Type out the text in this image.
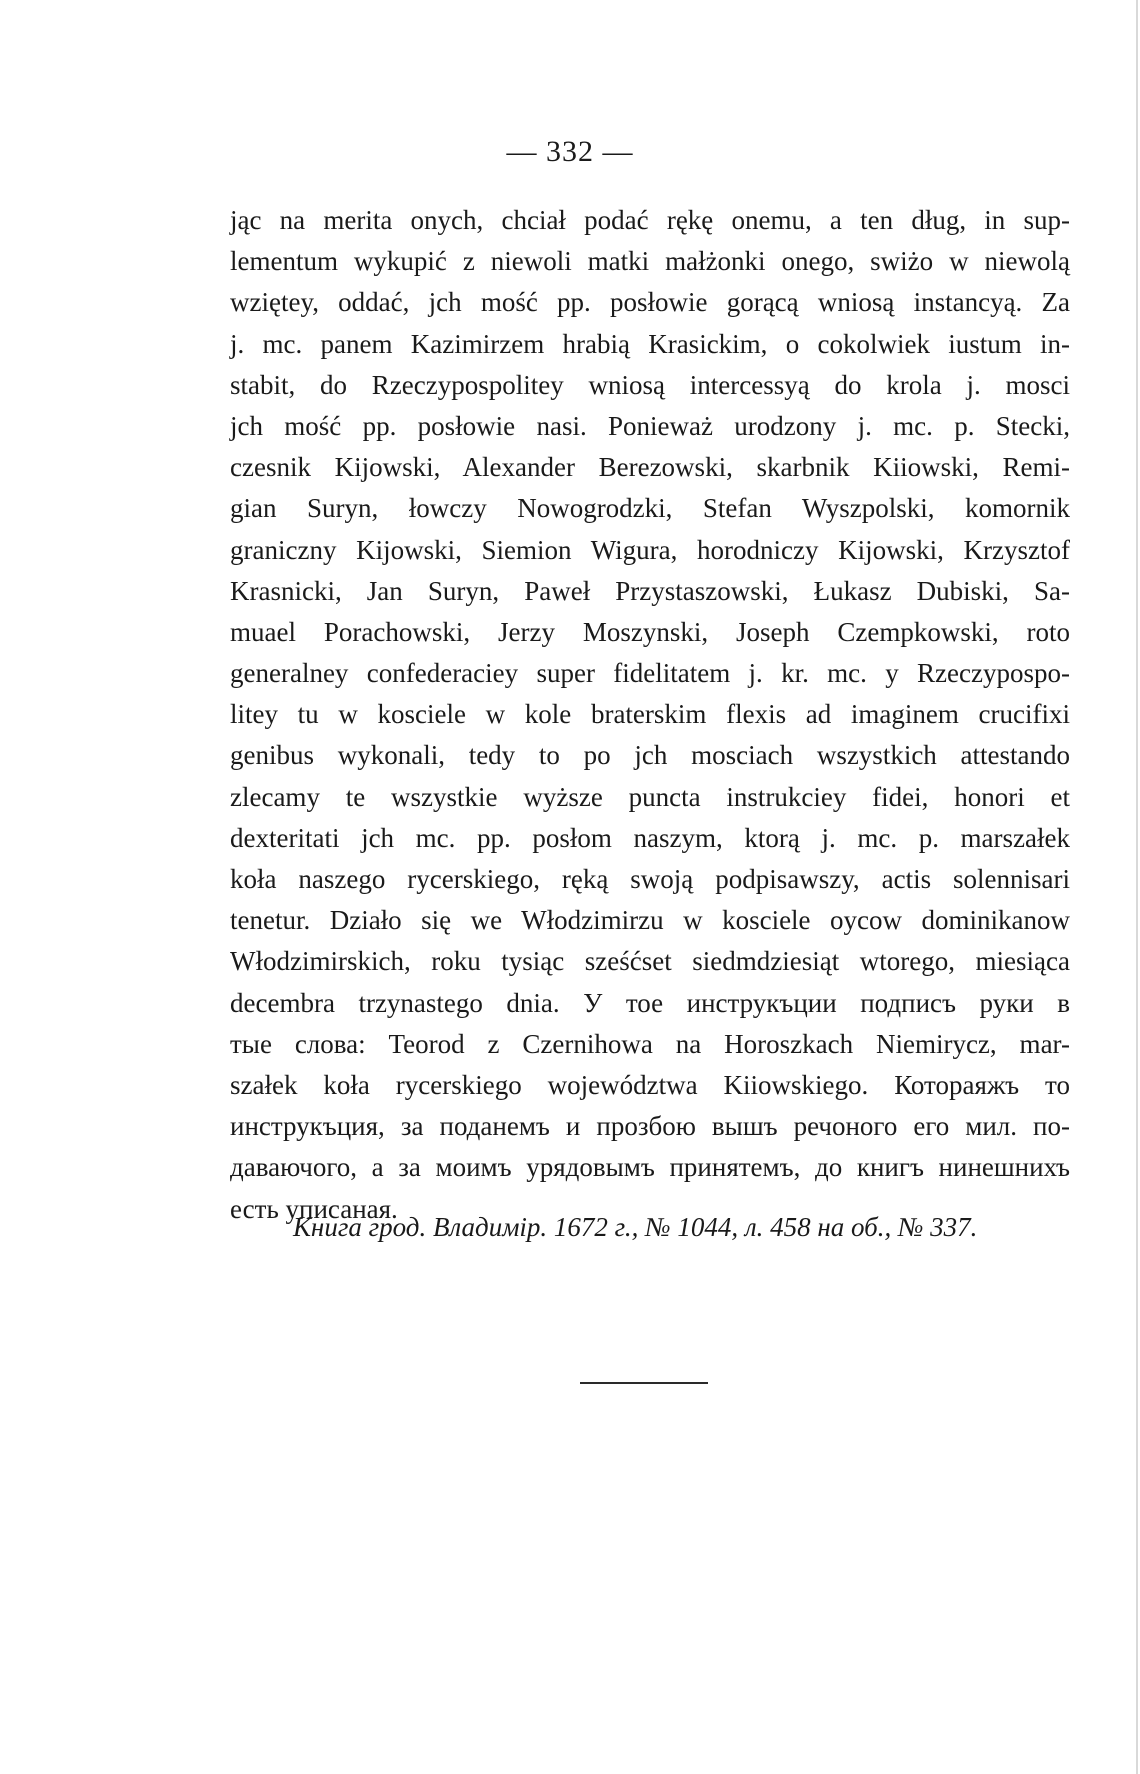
— 332 —
jąc na merita onych, chciał podać rękę onemu, a ten dług, in sup-
lementum wykupić z niewoli matki małżonki onego, swiżo w niewolą
wziętey, oddać, jch mość pp. posłowie gorącą wniosą instancyą. Za
j. mc. panem Kazimirzem hrabią Krasickim, o cokolwiek iustum in-
stabit, do Rzeczypospolitey wniosą intercessyą do krola j. mosci
jch mość pp. posłowie nasi. Ponieważ urodzony j. mc. p. Stecki,
czesnik Kijowski, Alexander Berezowski, skarbnik Kiiowski, Remi-
gian Suryn, łowczy Nowogrodzki, Stefan Wyszpolski, komornik
graniczny Kijowski, Siemion Wigura, horodniczy Kijowski, Krzysztof
Krasnicki, Jan Suryn, Paweł Przystaszowski, Łukasz Dubiski, Sa-
muael Porachowski, Jerzy Moszynski, Joseph Czempkowski, roto
generalney confederaciey super fidelitatem j. kr. mc. y Rzeczypospo-
litey tu w kosciele w kole braterskim flexis ad imaginem crucifixi
genibus wykonali, tedy to po jch mosciach wszystkich attestando
zlecamy te wszystkie wyższe puncta instrukciey fidei, honori et
dexteritati jch mc. pp. posłom naszym, ktorą j. mc. p. marszałek
koła naszego rycerskiego, ręką swoją podpisawszy, actis solennisari
tenetur. Działo się we Włodzimirzu w kosciele oycow dominikanow
Włodzimirskich, roku tysiąc sześćset siedmdziesiąt wtorego, miesiąca
decembra trzynastego dnia. У тое инструкъции подписъ руки в
тые слова: Teorod z Czernihowa na Horoszkach Niemirycz, mar-
szałek koła rycerskiego województwa Kiiowskiego. Котораяжъ то
инструкъция, за поданемъ и прозбою вышъ речоного его мил. по-
даваючого, а за моимъ урядовымъ принятемъ, до книгъ нинешнихъ
есть уписаная.
Книга грод. Владимір. 1672 г., № 1044, л. 458 на об., № 337.
